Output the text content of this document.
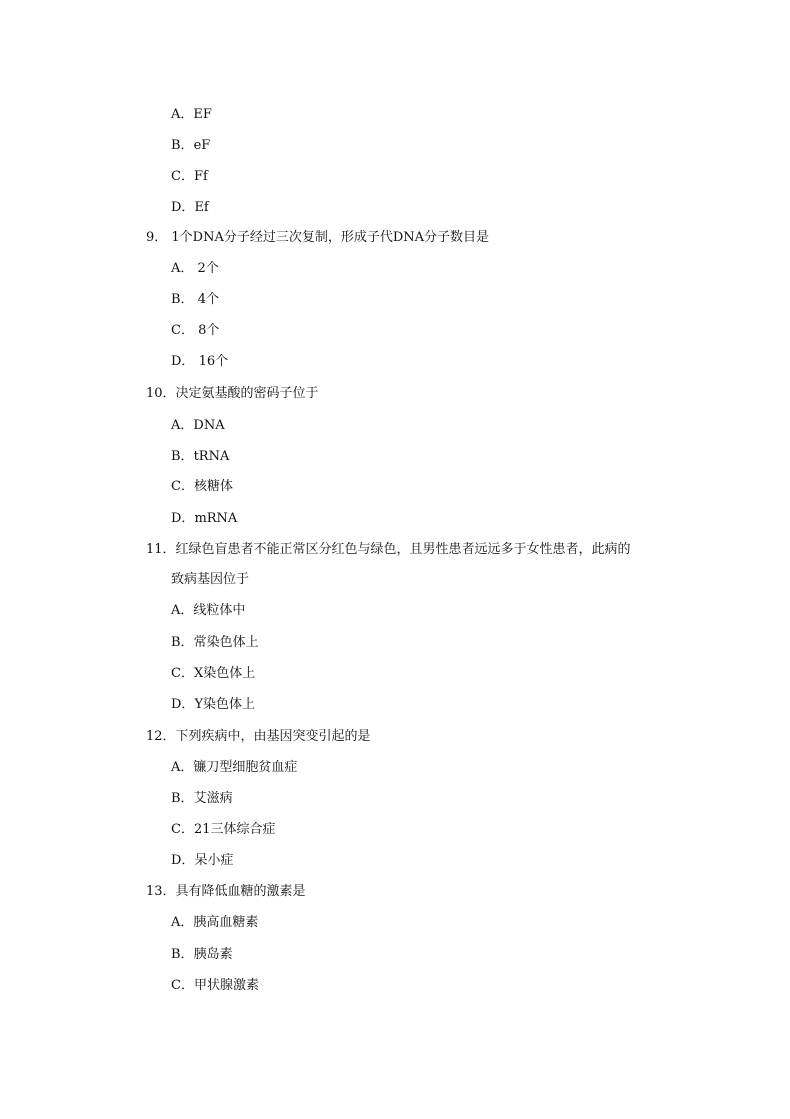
A．EF
B．eF
C．Ff
D．Ef
9． 1个DNA分子经过三次复制，形成子代DNA分子数目是
A． 2个
B． 4个
C． 8个
D． 16个
10．决定氨基酸的密码子位于
A．DNA
B．tRNA
C．核糖体
D．mRNA
11．红绿色盲患者不能正常区分红色与绿色，且男性患者远远多于女性患者，此病的
致病基因位于
A．线粒体中
B．常染色体上
C．X染色体上
D．Y染色体上
12．下列疾病中，由基因突变引起的是
A．镰刀型细胞贫血症
B．艾滋病
C．21三体综合症
D．呆小症
13．具有降低血糖的激素是
A．胰高血糖素
B．胰岛素
C．甲状腺激素
